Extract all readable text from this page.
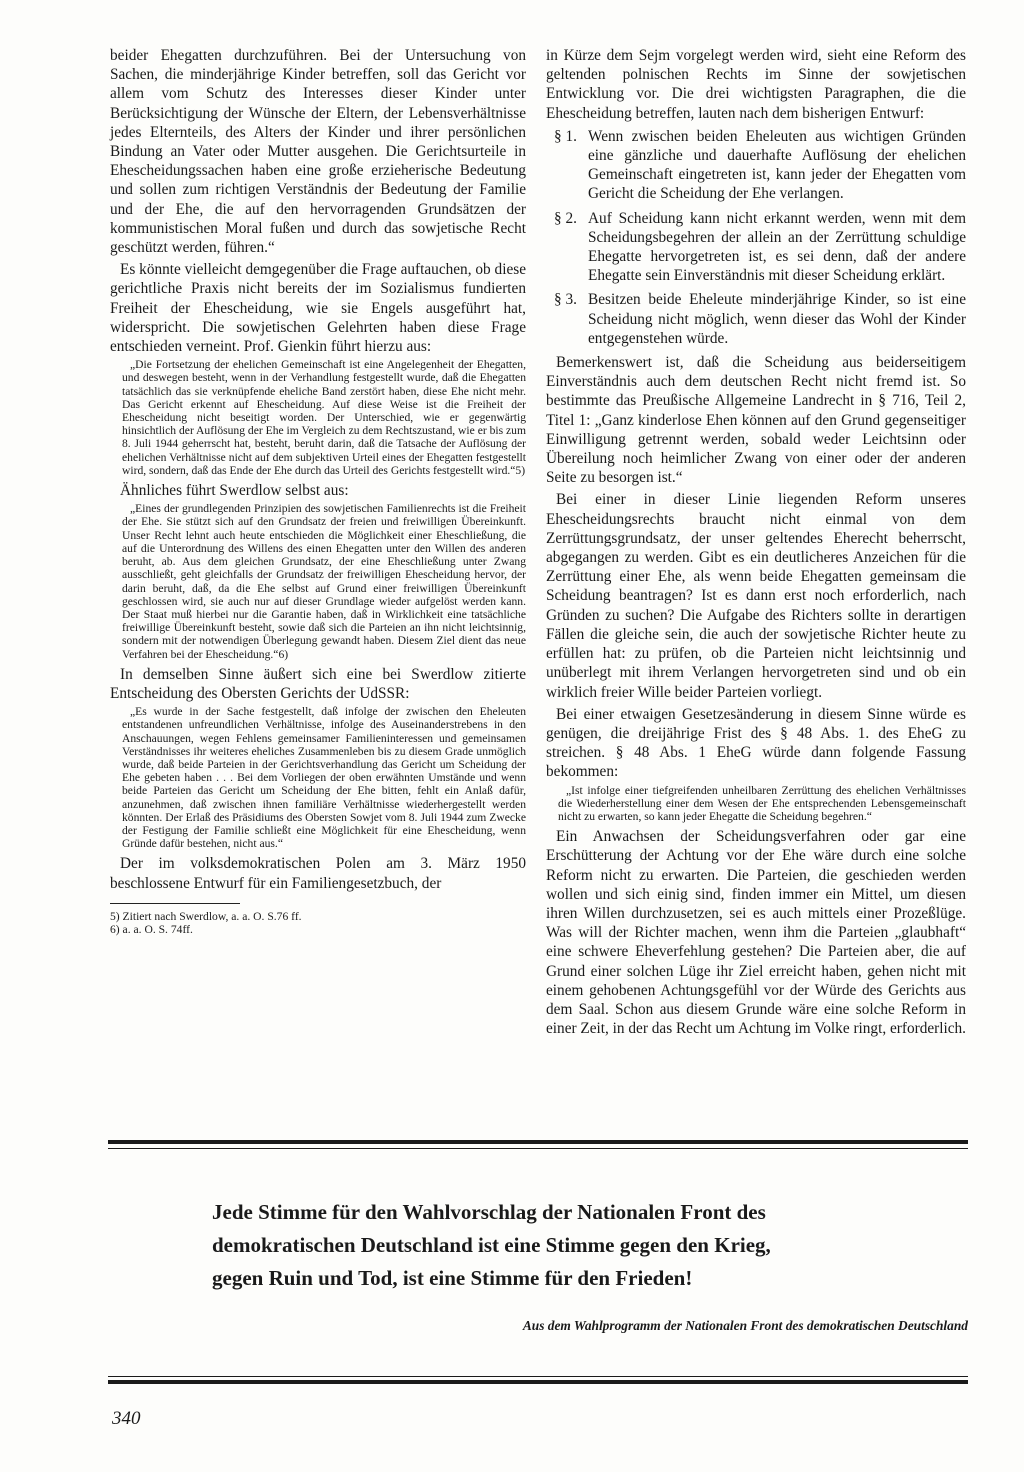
beider Ehegatten durchzuführen. Bei der Untersuchung von Sachen, die minderjährige Kinder betreffen, soll das Gericht vor allem vom Schutz des Interesses dieser Kinder unter Berücksichtigung der Wünsche der Eltern, der Lebensverhältnisse jedes Elternteils, des Alters der Kinder und ihrer persönlichen Bindung an Vater oder Mutter ausgehen. Die Gerichtsurteile in Ehescheidungssachen haben eine große erzieherische Bedeutung und sollen zum richtigen Verständnis der Bedeutung der Familie und der Ehe, die auf den hervorragenden Grundsätzen der kommunistischen Moral fußen und durch das sowjetische Recht geschützt werden, führen.“

Es könnte vielleicht demgegenüber die Frage auftauchen, ob diese gerichtliche Praxis nicht bereits der im Sozialismus fundierten Freiheit der Ehescheidung, wie sie Engels ausgeführt hat, widerspricht. Die sowjetischen Gelehrten haben diese Frage entschieden verneint. Prof. Gienkin führt hierzu aus:

„Die Fortsetzung der ehelichen Gemeinschaft ist eine Angelegenheit der Ehegatten, und deswegen besteht, wenn in der Verhandlung festgestellt wurde, daß die Ehegatten tatsächlich das sie verknüpfende eheliche Band zerstört haben, diese Ehe nicht mehr. Das Gericht erkennt auf Ehescheidung. Auf diese Weise ist die Freiheit der Ehescheidung nicht beseitigt worden. Der Unterschied, wie er gegenwärtig hinsichtlich der Auflösung der Ehe im Vergleich zu dem Rechtszustand, wie er bis zum 8. Juli 1944 geherrscht hat, besteht, beruht darin, daß die Tatsache der Auflösung der ehelichen Verhältnisse nicht auf dem subjektiven Urteil eines der Ehegatten festgestellt wird, sondern, daß das Ende der Ehe durch das Urteil des Gerichts festgestellt wird.“5)

Ähnliches führt Swerdlow selbst aus:

„Eines der grundlegenden Prinzipien des sowjetischen Familienrechts ist die Freiheit der Ehe. Sie stützt sich auf den Grundsatz der freien und freiwilligen Übereinkunft. Unser Recht lehnt auch heute entschieden die Möglichkeit einer Eheschließung, die auf die Unterordnung des Willens des einen Ehegatten unter den Willen des anderen beruht, ab. Aus dem gleichen Grundsatz, der eine Eheschließung unter Zwang ausschließt, geht gleichfalls der Grundsatz der freiwilligen Ehescheidung hervor, der darin beruht, daß, da die Ehe selbst auf Grund einer freiwilligen Übereinkunft geschlossen wird, sie auch nur auf dieser Grundlage wieder aufgelöst werden kann. Der Staat muß hierbei nur die Garantie haben, daß in Wirklichkeit eine tatsächliche freiwillige Übereinkunft besteht, sowie daß sich die Parteien an ihn nicht leichtsinnig, sondern mit der notwendigen Überlegung gewandt haben. Diesem Ziel dient das neue Verfahren bei der Ehescheidung.“6)

In demselben Sinne äußert sich eine bei Swerdlow zitierte Entscheidung des Obersten Gerichts der UdSSR:

„Es wurde in der Sache festgestellt, daß infolge der zwischen den Eheleuten entstandenen unfreundlichen Verhältnisse, infolge des Auseinanderstrebens in den Anschauungen, wegen Fehlens gemeinsamer Familieninteressen und gemeinsamen Verständnisses ihr weiteres eheliches Zusammenleben bis zu diesem Grade unmöglich wurde, daß beide Parteien in der Gerichtsverhandlung das Gericht um Scheidung der Ehe gebeten haben . . . Bei dem Vorliegen der oben erwähnten Umstände und wenn beide Parteien das Gericht um Scheidung der Ehe bitten, fehlt ein Anlaß dafür, anzunehmen, daß zwischen ihnen familiäre Verhältnisse wiederhergestellt werden könnten. Der Erlaß des Präsidiums des Obersten Sowjet vom 8. Juli 1944 zum Zwecke der Festigung der Familie schließt eine Möglichkeit für eine Ehescheidung, wenn Gründe dafür bestehen, nicht aus.“

Der im volksdemokratischen Polen am 3. März 1950 beschlossene Entwurf für ein Familiengesetzbuch, der

5) Zitiert nach Swerdlow, a. a. O. S.76 ff.
6) a. a. O. S. 74ff.

in Kürze dem Sejm vorgelegt werden wird, sieht eine Reform des geltenden polnischen Rechts im Sinne der sowjetischen Entwicklung vor. Die drei wichtigsten Paragraphen, die die Ehescheidung betreffen, lauten nach dem bisherigen Entwurf:

§ 1. Wenn zwischen beiden Eheleuten aus wichtigen Gründen eine gänzliche und dauerhafte Auflösung der ehelichen Gemeinschaft eingetreten ist, kann jeder der Ehegatten vom Gericht die Scheidung der Ehe verlangen.
§ 2. Auf Scheidung kann nicht erkannt werden, wenn mit dem Scheidungsbegehren der allein an der Zerrüttung schuldige Ehegatte hervorgetreten ist, es sei denn, daß der andere Ehegatte sein Einverständnis mit dieser Scheidung erklärt.
§ 3. Besitzen beide Eheleute minderjährige Kinder, so ist eine Scheidung nicht möglich, wenn dieser das Wohl der Kinder entgegenstehen würde.

Bemerkenswert ist, daß die Scheidung aus beiderseitigem Einverständnis auch dem deutschen Recht nicht fremd ist. So bestimmte das Preußische Allgemeine Landrecht in § 716, Teil 2, Titel 1: „Ganz kinderlose Ehen können auf den Grund gegenseitiger Einwilligung getrennt werden, sobald weder Leichtsinn oder Übereilung noch heimlicher Zwang von einer oder der anderen Seite zu besorgen ist.“

Bei einer in dieser Linie liegenden Reform unseres Ehescheidungsrechts braucht nicht einmal von dem Zerrüttungsgrundsatz, der unser geltendes Eherecht beherrscht, abgegangen zu werden. Gibt es ein deutlicheres Anzeichen für die Zerrüttung einer Ehe, als wenn beide Ehegatten gemeinsam die Scheidung beantragen? Ist es dann erst noch erforderlich, nach Gründen zu suchen? Die Aufgabe des Richters sollte in derartigen Fällen die gleiche sein, die auch der sowjetische Richter heute zu erfüllen hat: zu prüfen, ob die Parteien nicht leichtsinnig und unüberlegt mit ihrem Verlangen hervorgetreten sind und ob ein wirklich freier Wille beider Parteien vorliegt.

Bei einer etwaigen Gesetzesänderung in diesem Sinne würde es genügen, die dreijährige Frist des § 48 Abs. 1. des EheG zu streichen. § 48 Abs. 1 EheG würde dann folgende Fassung bekommen:

„Ist infolge einer tiefgreifenden unheilbaren Zerrüttung des ehelichen Verhältnisses die Wiederherstellung einer dem Wesen der Ehe entsprechenden Lebensgemeinschaft nicht zu erwarten, so kann jeder Ehegatte die Scheidung begehren.“

Ein Anwachsen der Scheidungsverfahren oder gar eine Erschütterung der Achtung vor der Ehe wäre durch eine solche Reform nicht zu erwarten. Die Parteien, die geschieden werden wollen und sich einig sind, finden immer ein Mittel, um diesen ihren Willen durchzusetzen, sei es auch mittels einer Prozeßlüge. Was will der Richter machen, wenn ihm die Parteien „glaubhaft“ eine schwere Eheverfehlung gestehen? Die Parteien aber, die auf Grund einer solchen Lüge ihr Ziel erreicht haben, gehen nicht mit einem gehobenen Achtungsgefühl vor der Würde des Gerichts aus dem Saal. Schon aus diesem Grunde wäre eine solche Reform in einer Zeit, in der das Recht um Achtung im Volke ringt, erforderlich.

Jede Stimme für den Wahlvorschlag der Nationalen Front des
demokratischen Deutschland ist eine Stimme gegen den Krieg,
gegen Ruin und Tod, ist eine Stimme für den Frieden!
Aus dem Wahlprogramm der Nationalen Front des demokratischen Deutschland
340
